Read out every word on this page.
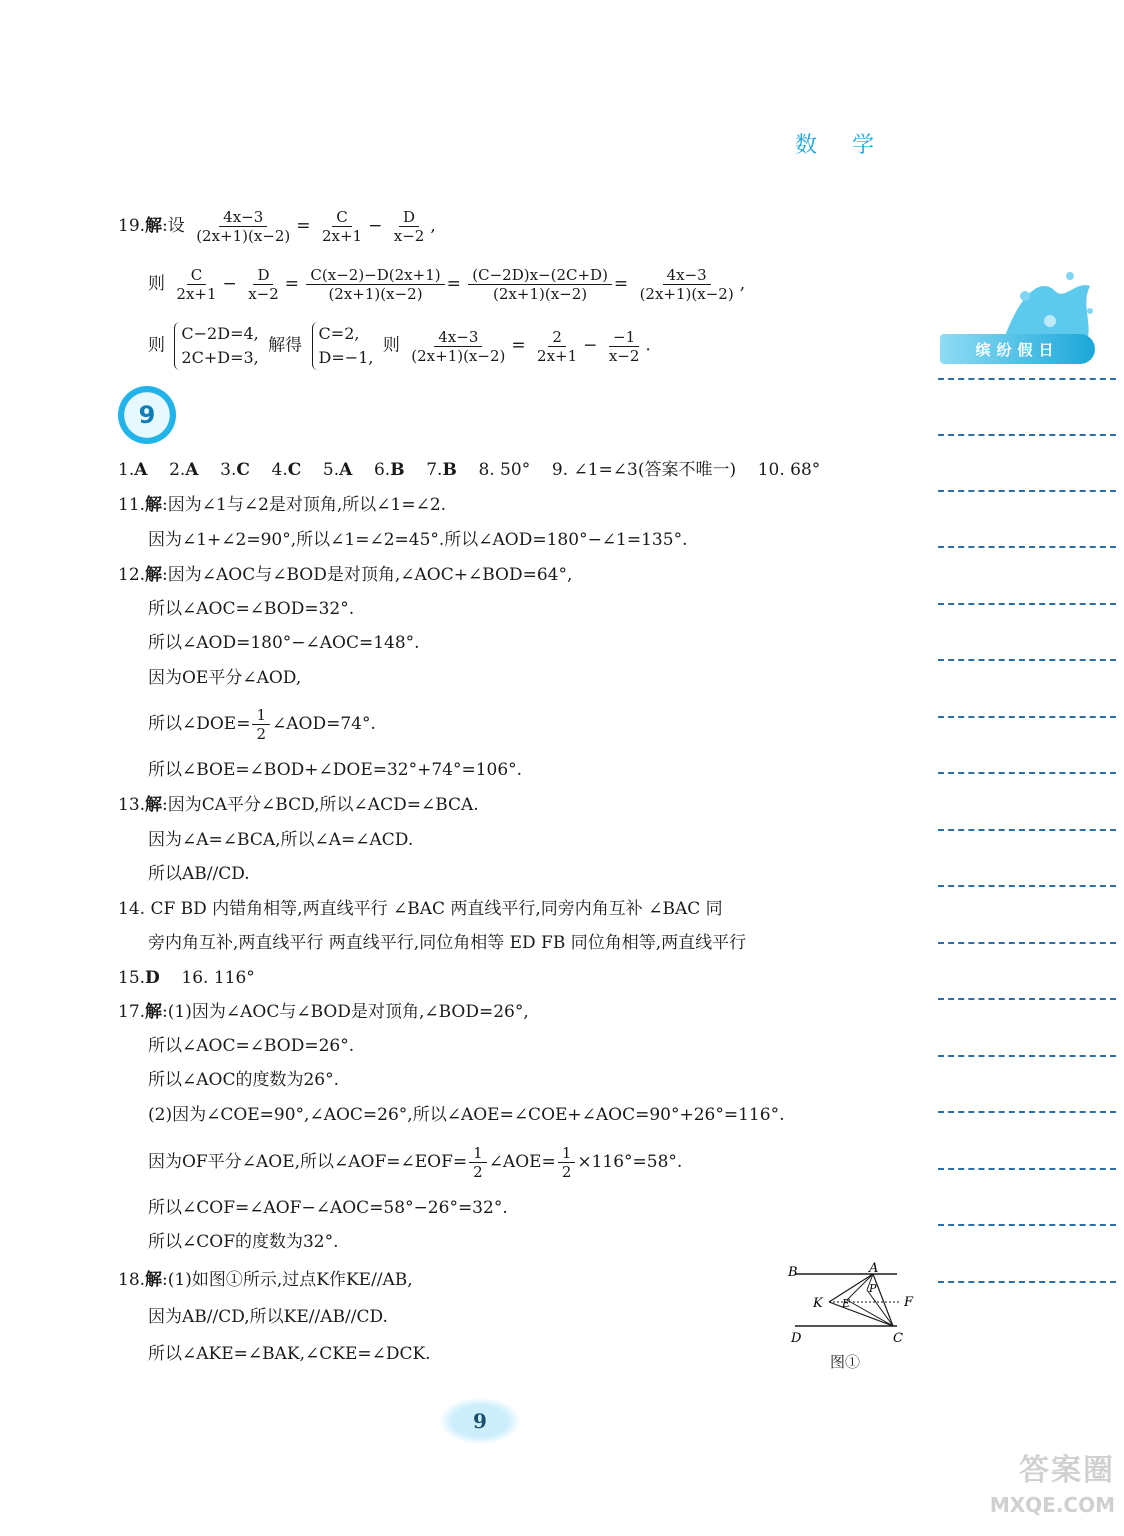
数 学
缤纷假日
19.解:设 $\frac{4x-3}{(2x+1)(x-2)} = \frac{C}{2x+1} - \frac{D}{x-2}$ ,
则 $\frac{C}{2x+1} - \frac{D}{x-2} = \frac{C(x-2)-D(2x+1)}{(2x+1)(x-2)} = \frac{(C-2D)x-(2C+D)}{(2x+1)(x-2)} = \frac{4x-3}{(2x+1)(x-2)}$ ,
则
C−2D=4,
2C+D=3,
解得
C=2,
D=−1,
则 $\frac{4x-3}{(2x+1)(x-2)} = \frac{2}{2x+1} - \frac{-1}{x-2}$ .
9
1.A 2.A 3.C 4.C 5.A 6.B 7.B 8. 50° 9. ∠1=∠3(答案不唯一) 10. 68°
11.解:因为∠1与∠2是对顶角,所以∠1=∠2.
因为∠1+∠2=90°,所以∠1=∠2=45°.所以∠AOD=180°−∠1=135°.
12.解:因为∠AOC与∠BOD是对顶角,∠AOC+∠BOD=64°,
所以∠AOC=∠BOD=32°.
所以∠AOD=180°−∠AOC=148°.
因为OE平分∠AOD,
所以∠DOE= $\frac{1}{2}$ ∠AOD=74°.
所以∠BOE=∠BOD+∠DOE=32°+74°=106°.
13.解:因为CA平分∠BCD,所以∠ACD=∠BCA.
因为∠A=∠BCA,所以∠A=∠ACD.
所以AB//CD.
14. CF BD 内错角相等,两直线平行 ∠BAC 两直线平行,同旁内角互补 ∠BAC 同
旁内角互补,两直线平行 两直线平行,同位角相等 ED FB 同位角相等,两直线平行
15.D 16. 116°
17.解:(1)因为∠AOC与∠BOD是对顶角,∠BOD=26°,
所以∠AOC=∠BOD=26°.
所以∠AOC的度数为26°.
(2)因为∠COE=90°,∠AOC=26°,所以∠AOE=∠COE+∠AOC=90°+26°=116°.
因为OF平分∠AOE,所以∠AOF=∠EOF= $\frac{1}{2}$ ∠AOE= $\frac{1}{2} \times 116^\circ=58^\circ$.
所以∠COF=∠AOF−∠AOC=58°−26°=32°.
所以∠COF的度数为32°.
18.解:(1)如图①所示,过点K作KE//AB,
因为AB//CD,所以KE//AB//CD.
所以∠AKE=∠BAK,∠CKE=∠DCK.
B	A
K E
P
F
D	C
图①
9
答案圈
MXQE.COM
